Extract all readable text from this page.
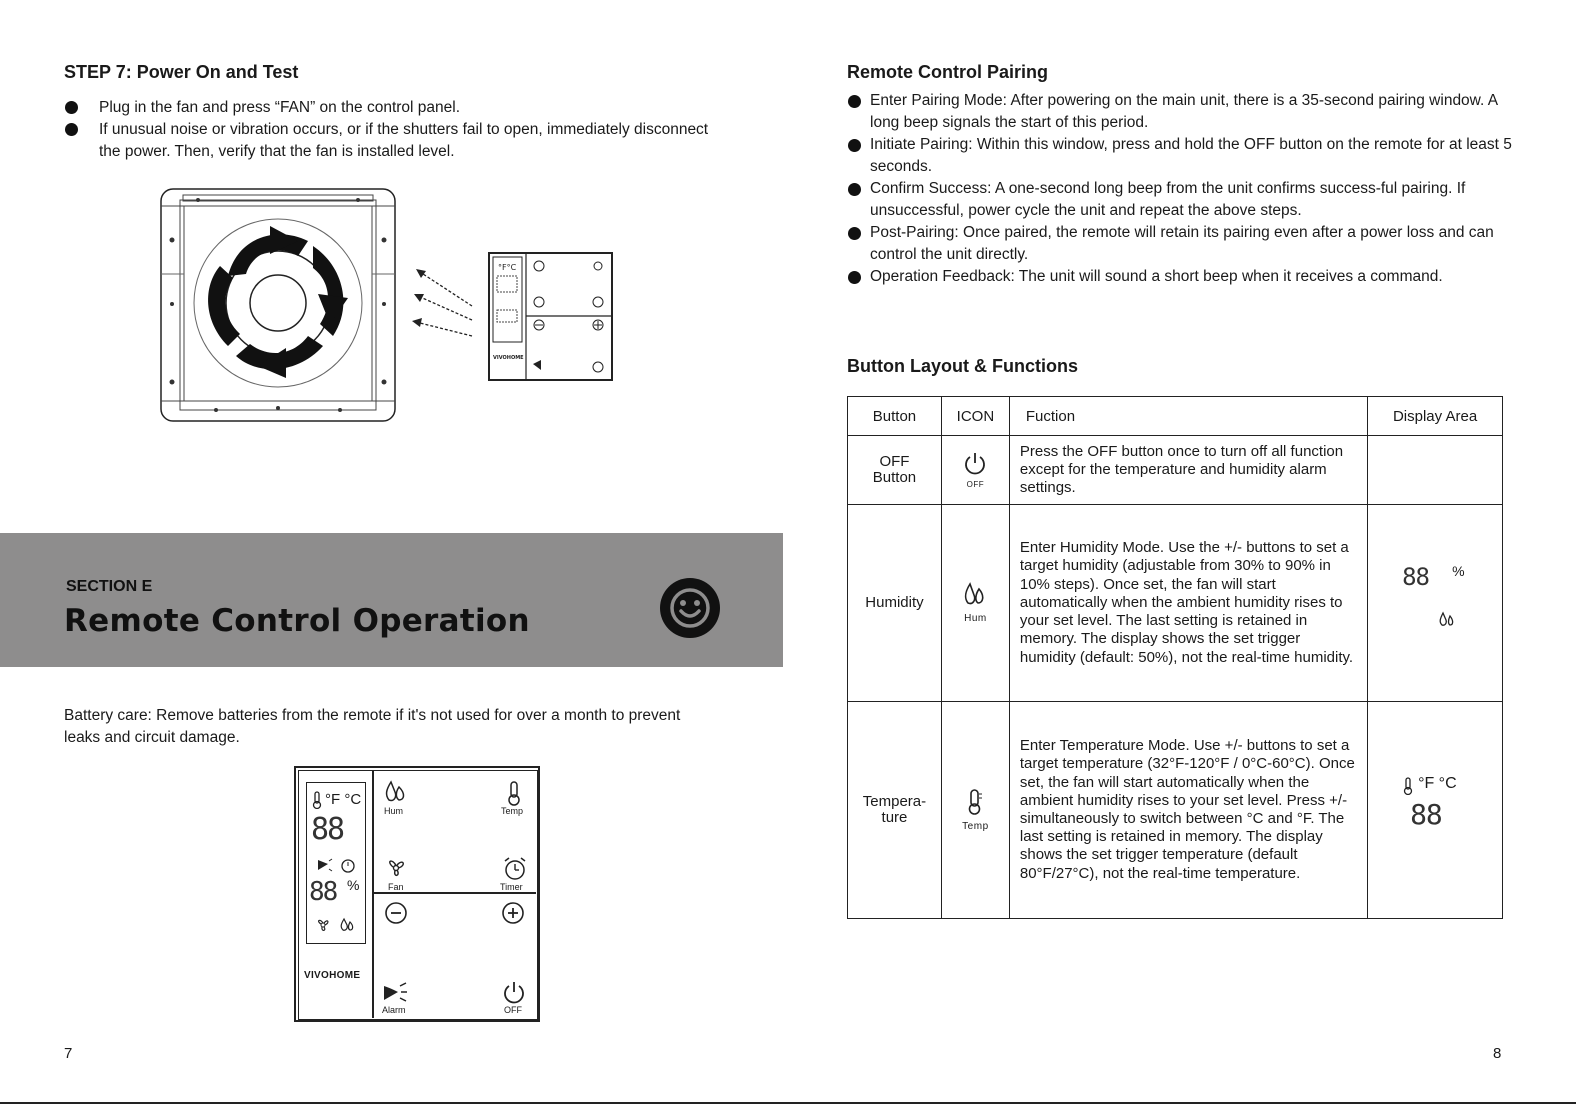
STEP 7: Power On and Test
Plug in the fan and press “FAN” on the control panel.
If unusual noise or vibration occurs, or if the shutters fail to open, immediately disconnect the power. Then, verify that the fan is installed level.
°F°C
VIVOHOME
SECTION E
Remote Control Operation

Battery care: Remove batteries from the remote if it's not used for over a month to prevent leaks and circuit damage.

°F °C
88
88 %
VIVOHOME
Hum	Temp
Fan	Timer
Alarm	OFF
7
Remote Control Pairing
Enter Pairing Mode: After powering on the main unit, there is a 35-second pairing window. A long beep signals the start of this period.
Initiate Pairing: Within this window, press and hold the OFF button on the remote for at least 5 seconds.
Confirm Success: A one-second long beep from the unit confirms success-ful pairing. If unsuccessful, power cycle the unit and repeat the above steps.
Post-Pairing: Once paired, the remote will retain its pairing even after a power loss and can control the unit directly.
Operation Feedback: The unit will sound a short beep when it receives a command.
Button Layout & Functions
Button	ICON	Fuction	Display Area
OFF Button	OFF	Press the OFF button once to turn off all function except for the temperature and humidity alarm settings.	
Humidity	Hum	Enter Humidity Mode. Use the +/- buttons to set a target humidity (adjustable from 30% to 90% in 10% steps). Once set, the fan will start automatically when the ambient humidity rises to your set level. The last setting is retained in memory. The display shows the set trigger humidity (default: 50%), not the real-time humidity.	88 %

Tempera-ture	Temp	Enter Temperature Mode. Use +/- buttons to set a target temperature (32°F-120°F / 0°C-60°C). Once set, the fan will start automatically when the ambient humidity rises to your set level. Press +/- simultaneously to switch between °C and °F. The last setting is retained in memory. The display shows the set trigger temperature (default 80°F/27°C), not the real-time temperature.	°F °C
88
8
